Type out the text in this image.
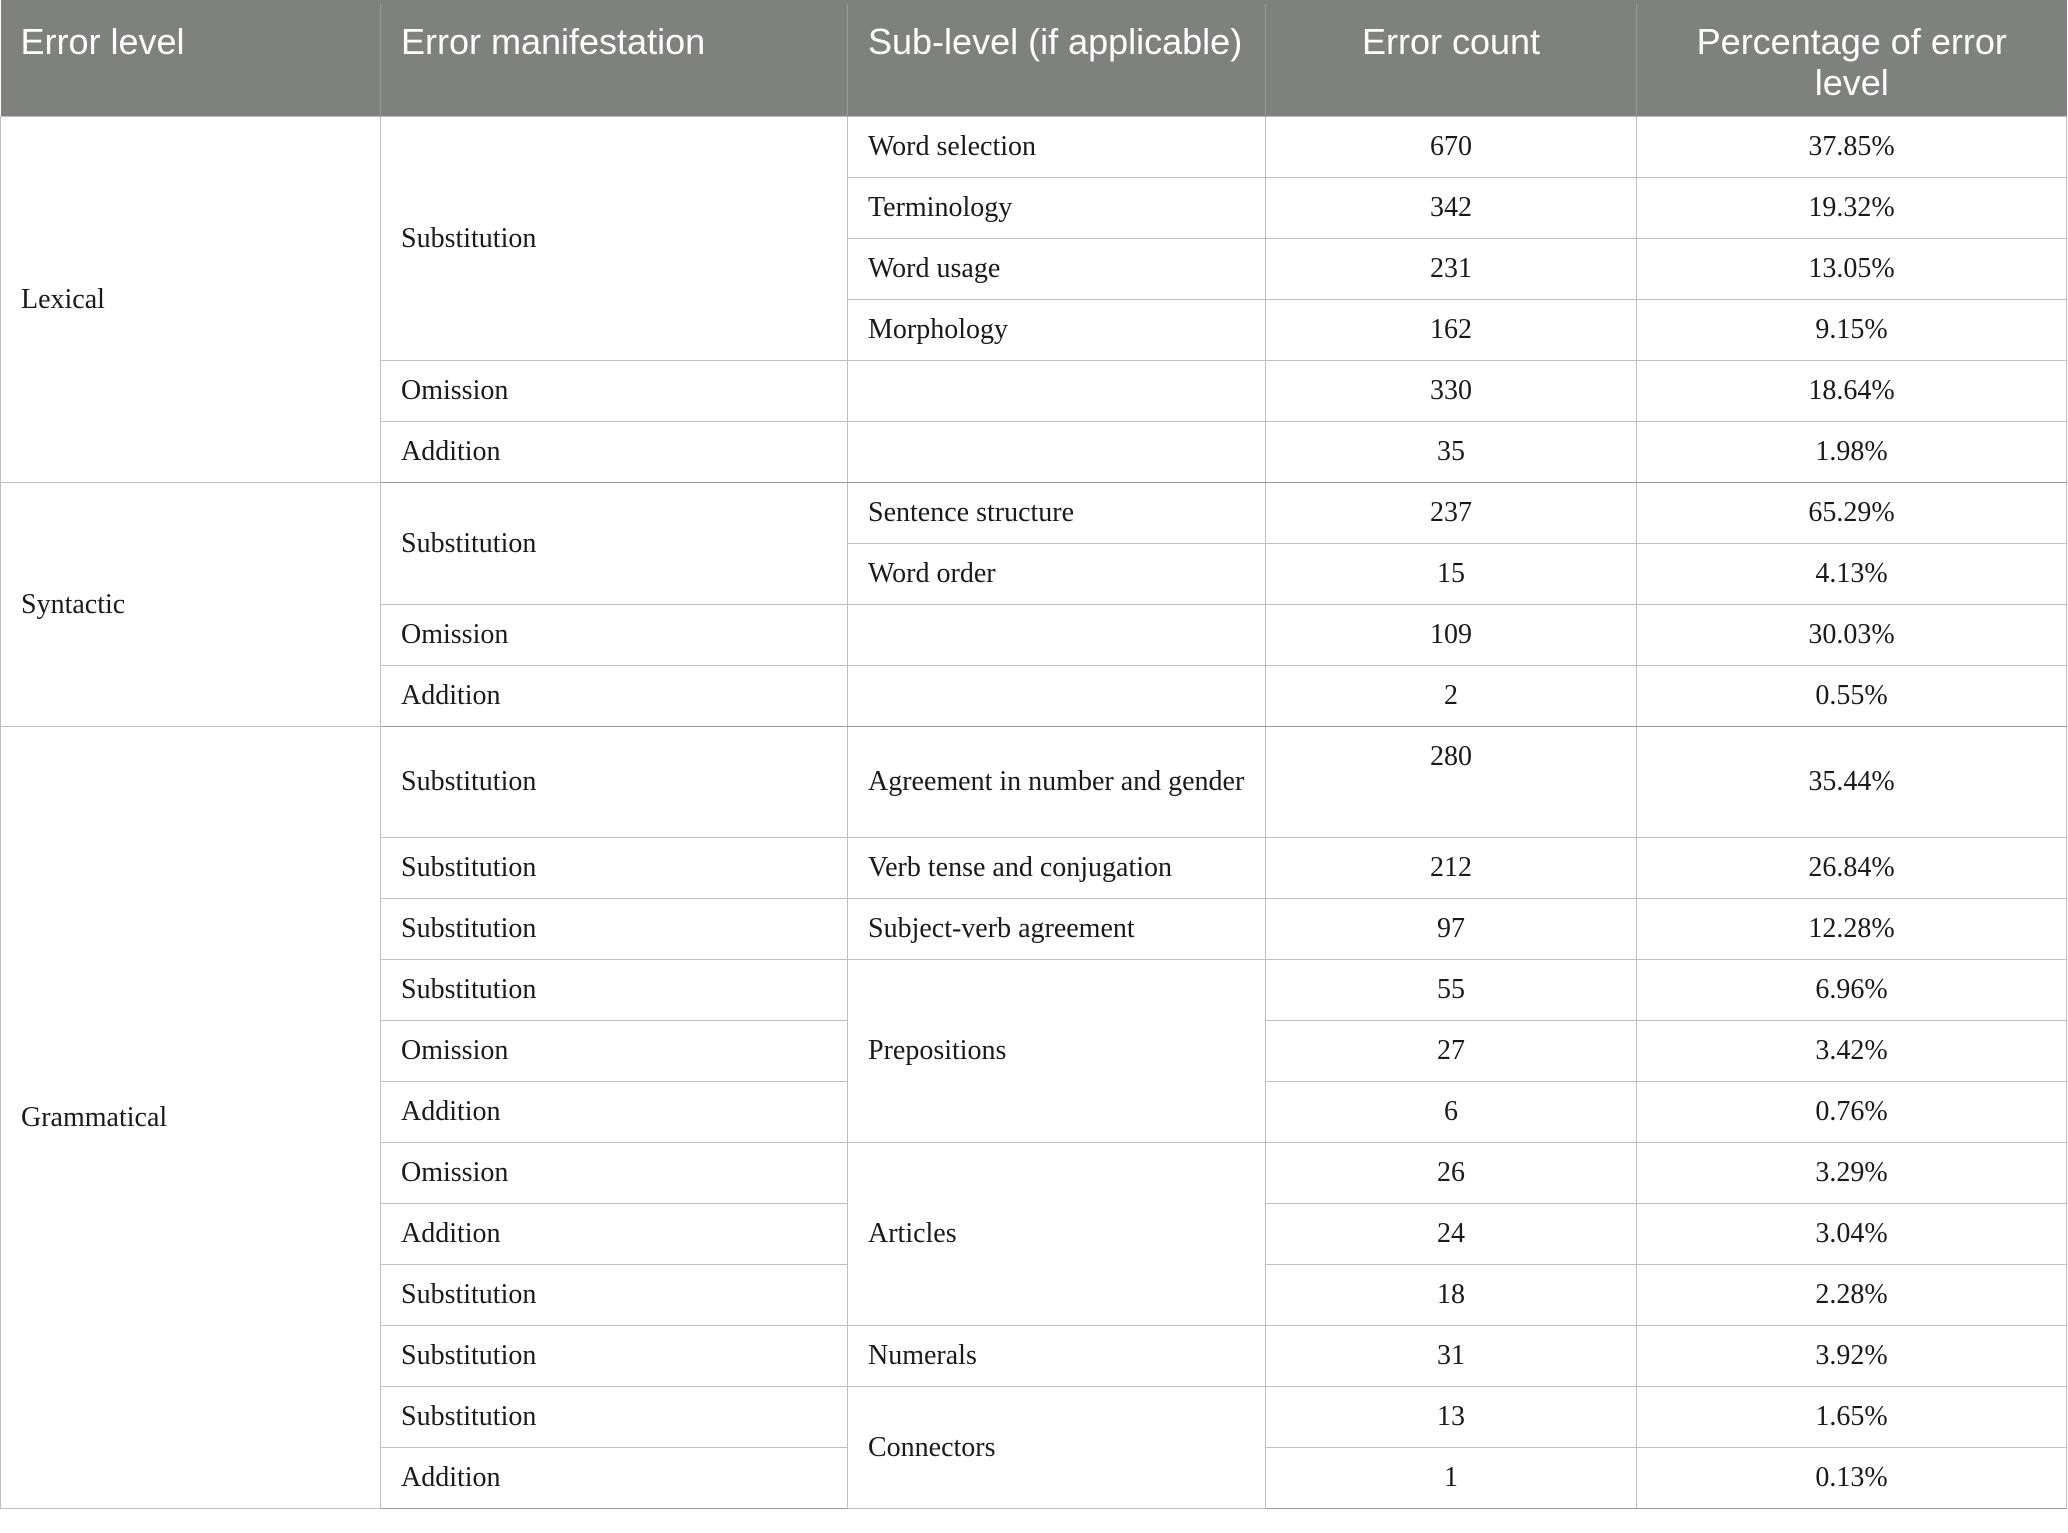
Error level	Error manifestation	Sub-level (if applicable)	Error count	Percentage of error level
Lexical	Substitution	Word selection	670	37.85%
		Terminology	342	19.32%
		Word usage	231	13.05%
		Morphology	162	9.15%
	Omission		330	18.64%
	Addition		35	1.98%
Syntactic	Substitution	Sentence structure	237	65.29%
		Word order	15	4.13%
	Omission		109	30.03%
	Addition		2	0.55%
Grammatical	Substitution	Agreement in number and gender	280	35.44%
	Substitution	Verb tense and conjugation	212	26.84%
	Substitution	Subject-verb agreement	97	12.28%
	Substitution	Prepositions	55	6.96%
	Omission		27	3.42%
	Addition		6	0.76%
	Omission	Articles	26	3.29%
	Addition		24	3.04%
	Substitution		18	2.28%
	Substitution	Numerals	31	3.92%
	Substitution	Connectors	13	1.65%
	Addition		1	0.13%
